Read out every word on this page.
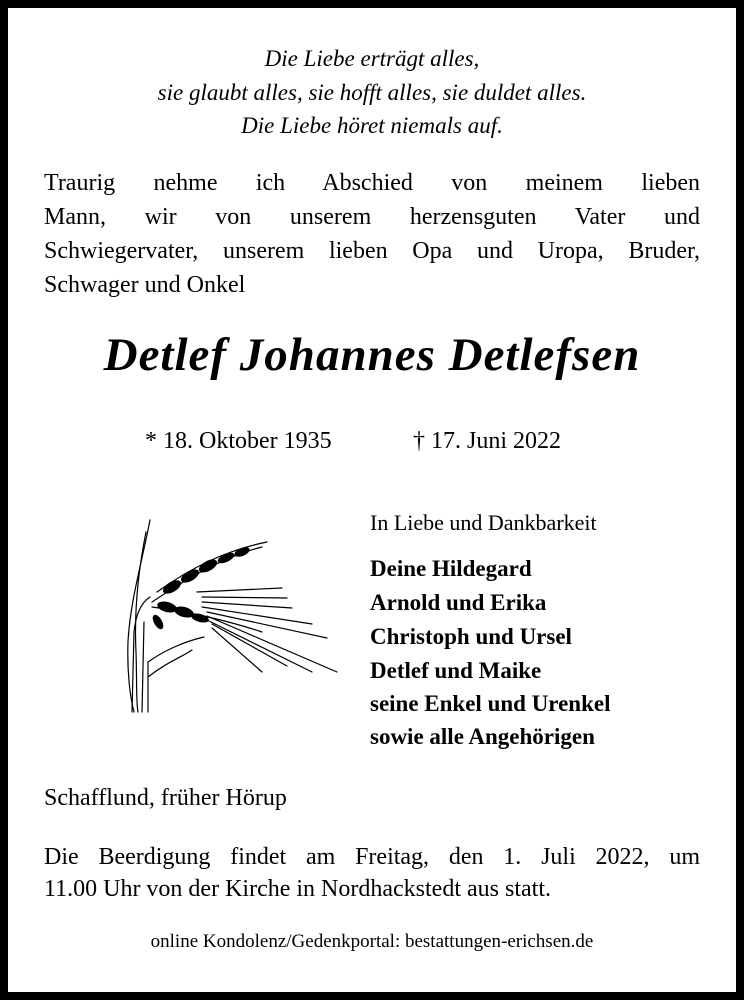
Die Liebe erträgt alles,
sie glaubt alles, sie hofft alles, sie duldet alles.
Die Liebe höret niemals auf.
Traurig nehme ich Abschied von meinem lieben
Mann, wir von unserem herzensguten Vater und
Schwiegervater, unserem lieben Opa und Uropa, Bruder,
Schwager und Onkel
Detlef Johannes Detlefsen
* 18. Oktober 1935	† 17. Juni 2022
In Liebe und Dankbarkeit
Deine Hildegard
Arnold und Erika
Christoph und Ursel
Detlef und Maike
seine Enkel und Urenkel
sowie alle Angehörigen
Schafflund, früher Hörup
Die Beerdigung findet am Freitag, den 1. Juli 2022, um
11.00 Uhr von der Kirche in Nordhackstedt aus statt.
online Kondolenz/Gedenkportal: bestattungen-erichsen.de
